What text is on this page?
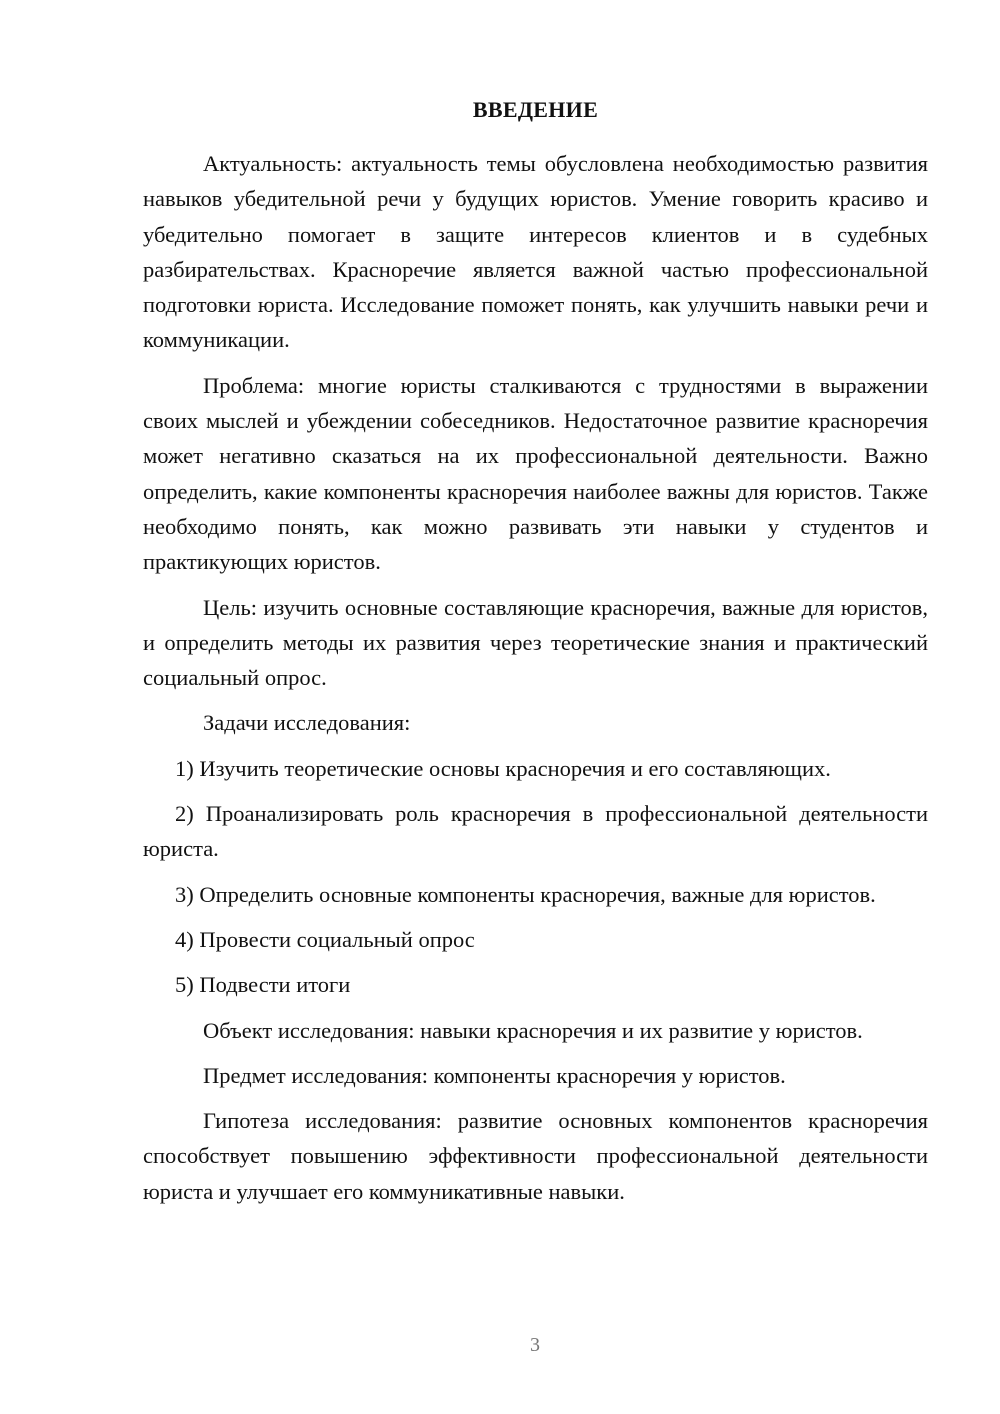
ВВЕДЕНИЕ

Актуальность: актуальность темы обусловлена необходимостью развития навыков убедительной речи у будущих юристов. Умение говорить красиво и убедительно помогает в защите интересов клиентов и в судебных разбирательствах. Красноречие является важной частью профессиональной подготовки юриста. Исследование поможет понять, как улучшить навыки речи и коммуникации.

Проблема: многие юристы сталкиваются с трудностями в выражении своих мыслей и убеждении собеседников. Недостаточное развитие красноречия может негативно сказаться на их профессиональной деятельности. Важно определить, какие компоненты красноречия наиболее важны для юристов. Также необходимо понять, как можно развивать эти навыки у студентов и практикующих юристов.

Цель: изучить основные составляющие красноречия, важные для юристов, и определить методы их развития через теоретические знания и практический социальный опрос.

Задачи исследования:

1) Изучить теоретические основы красноречия и его составляющих.

2) Проанализировать роль красноречия в профессиональной деятельности юриста.

3) Определить основные компоненты красноречия, важные для юристов.

4) Провести социальный опрос

5) Подвести итоги

Объект исследования: навыки красноречия и их развитие у юристов.

Предмет исследования: компоненты красноречия у юристов.

Гипотеза исследования: развитие основных компонентов красноречия способствует повышению эффективности профессиональной деятельности юриста и улучшает его коммуникативные навыки.

3
